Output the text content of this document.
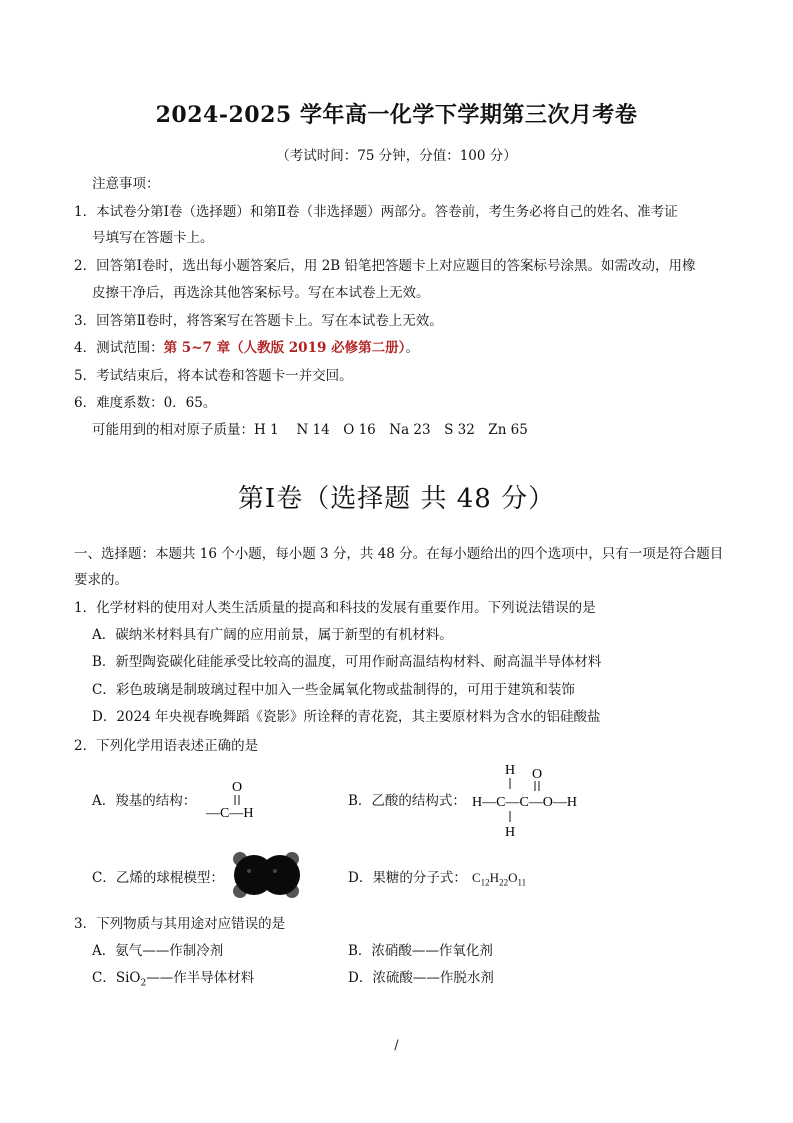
2024-2025 学年高一化学下学期第三次月考卷
（考试时间：75 分钟，分值：100 分）
注意事项：
1．本试卷分第Ⅰ卷（选择题）和第Ⅱ卷（非选择题）两部分。答卷前，考生务必将自己的姓名、准考证
号填写在答题卡上。
2．回答第Ⅰ卷时，选出每小题答案后，用 2B 铅笔把答题卡上对应题目的答案标号涂黑。如需改动，用橡
皮擦干净后，再选涂其他答案标号。写在本试卷上无效。
3．回答第Ⅱ卷时，将答案写在答题卡上。写在本试卷上无效。
4．测试范围：第 5~7 章（人教版 2019 必修第二册）。
5．考试结束后，将本试卷和答题卡一并交回。
6．难度系数：0．65。
可能用到的相对原子质量：H 1　 N 14　O 16　Na 23　S 32　Zn 65
第Ⅰ卷（选择题 共 48 分）
一、选择题：本题共 16 个小题，每小题 3 分，共 48 分。在每小题给出的四个选项中，只有一项是符合题目
要求的。
1．化学材料的使用对人类生活质量的提高和科技的发展有重要作用。下列说法错误的是
A．碳纳米材料具有广阔的应用前景，属于新型的有机材料。
B．新型陶瓷碳化硅能承受比较高的温度，可用作耐高温结构材料、耐高温半导体材料
C．彩色玻璃是制玻璃过程中加入一些金属氧化物或盐制得的，可用于建筑和装饰
D．2024 年央视春晚舞蹈《瓷影》所诠释的青花瓷，其主要原材料为含水的铝硅酸盐
2．下列化学用语表述正确的是
A．羧基的结构：
O
—C—H
B．乙酸的结构式：
H O
H—C—C—O—H
H
C．乙烯的球棍模型：	D．果糖的分子式： $C_{12}H_{22}O_{11}$
3．下列物质与其用途对应错误的是
A．氨气——作制冷剂	B．浓硝酸——作氧化剂
C．SiO$_2$——作半导体材料	D．浓硫酸——作脱水剂
/
